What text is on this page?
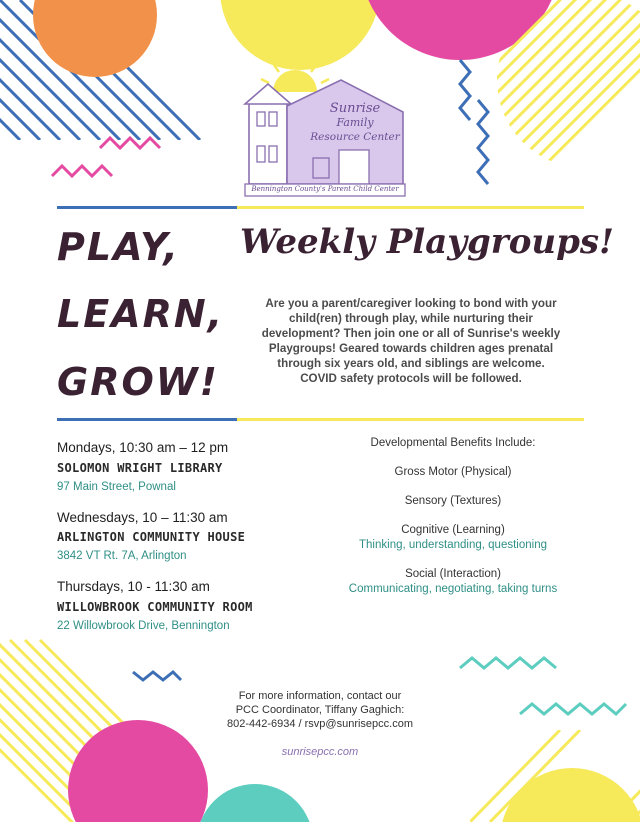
Sunrise
Family
Resource Center
Bennington County's Parent Child Center
PLAY,
LEARN,
GROW!
Weekly Playgroups!
Are you a parent/caregiver looking to bond with your child(ren) through play, while nurturing their development? Then join one or all of Sunrise's weekly Playgroups! Geared towards children ages prenatal through six years old, and siblings are welcome. COVID safety protocols will be followed.
Mondays, 10:30 am – 12 pm
SOLOMON WRIGHT LIBRARY
97 Main Street, Pownal
Wednesdays, 10 – 11:30 am
ARLINGTON COMMUNITY HOUSE
3842 VT Rt. 7A, Arlington
Thursdays, 10 - 11:30 am
WILLOWBROOK COMMUNITY ROOM
22 Willowbrook Drive, Bennington
Developmental Benefits Include:
Gross Motor (Physical)
Sensory (Textures)
Cognitive (Learning)
Thinking, understanding, questioning
Social (Interaction)
Communicating, negotiating, taking turns
For more information, contact our
PCC Coordinator, Tiffany Gaghich:
802-442-6934 / rsvp@sunrisepcc.com
sunrisepcc.com
